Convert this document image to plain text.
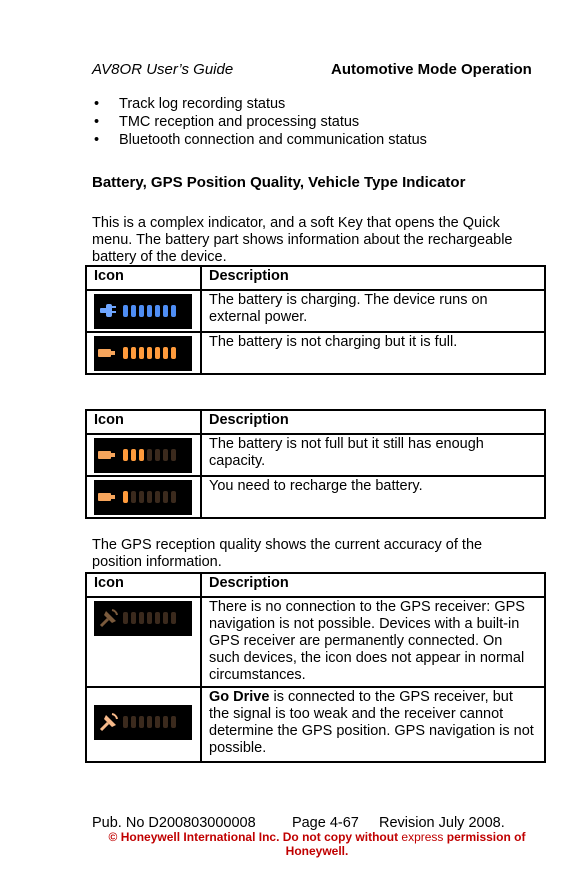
AV8OR User’s Guide	Automotive Mode Operation
• Track log recording status
• TMC reception and processing status
• Bluetooth connection and communication status
Battery, GPS Position Quality, Vehicle Type Indicator
This is a complex indicator, and a soft Key that opens the Quick menu. The battery part shows information about the rechargeable battery of the device.
Icon	Description

	The battery is charging. The device runs on external power.

	The battery is not charging but it is full.
Icon	Description

	The battery is not full but it still has enough capacity.

	You need to recharge the battery.
The GPS reception quality shows the current accuracy of the position information.
Icon	Description

	There is no connection to the GPS receiver: GPS navigation is not possible. Devices with a built-in GPS receiver are permanently connected. On such devices, the icon does not appear in normal circumstances.

	Go Drive is connected to the GPS receiver, but the signal is too weak and the receiver cannot determine the GPS position. GPS navigation is not possible.
Pub. No D200803000008	Page 4-67 Revision July 2008.
© Honeywell International Inc. Do not copy without express permission of Honeywell.
